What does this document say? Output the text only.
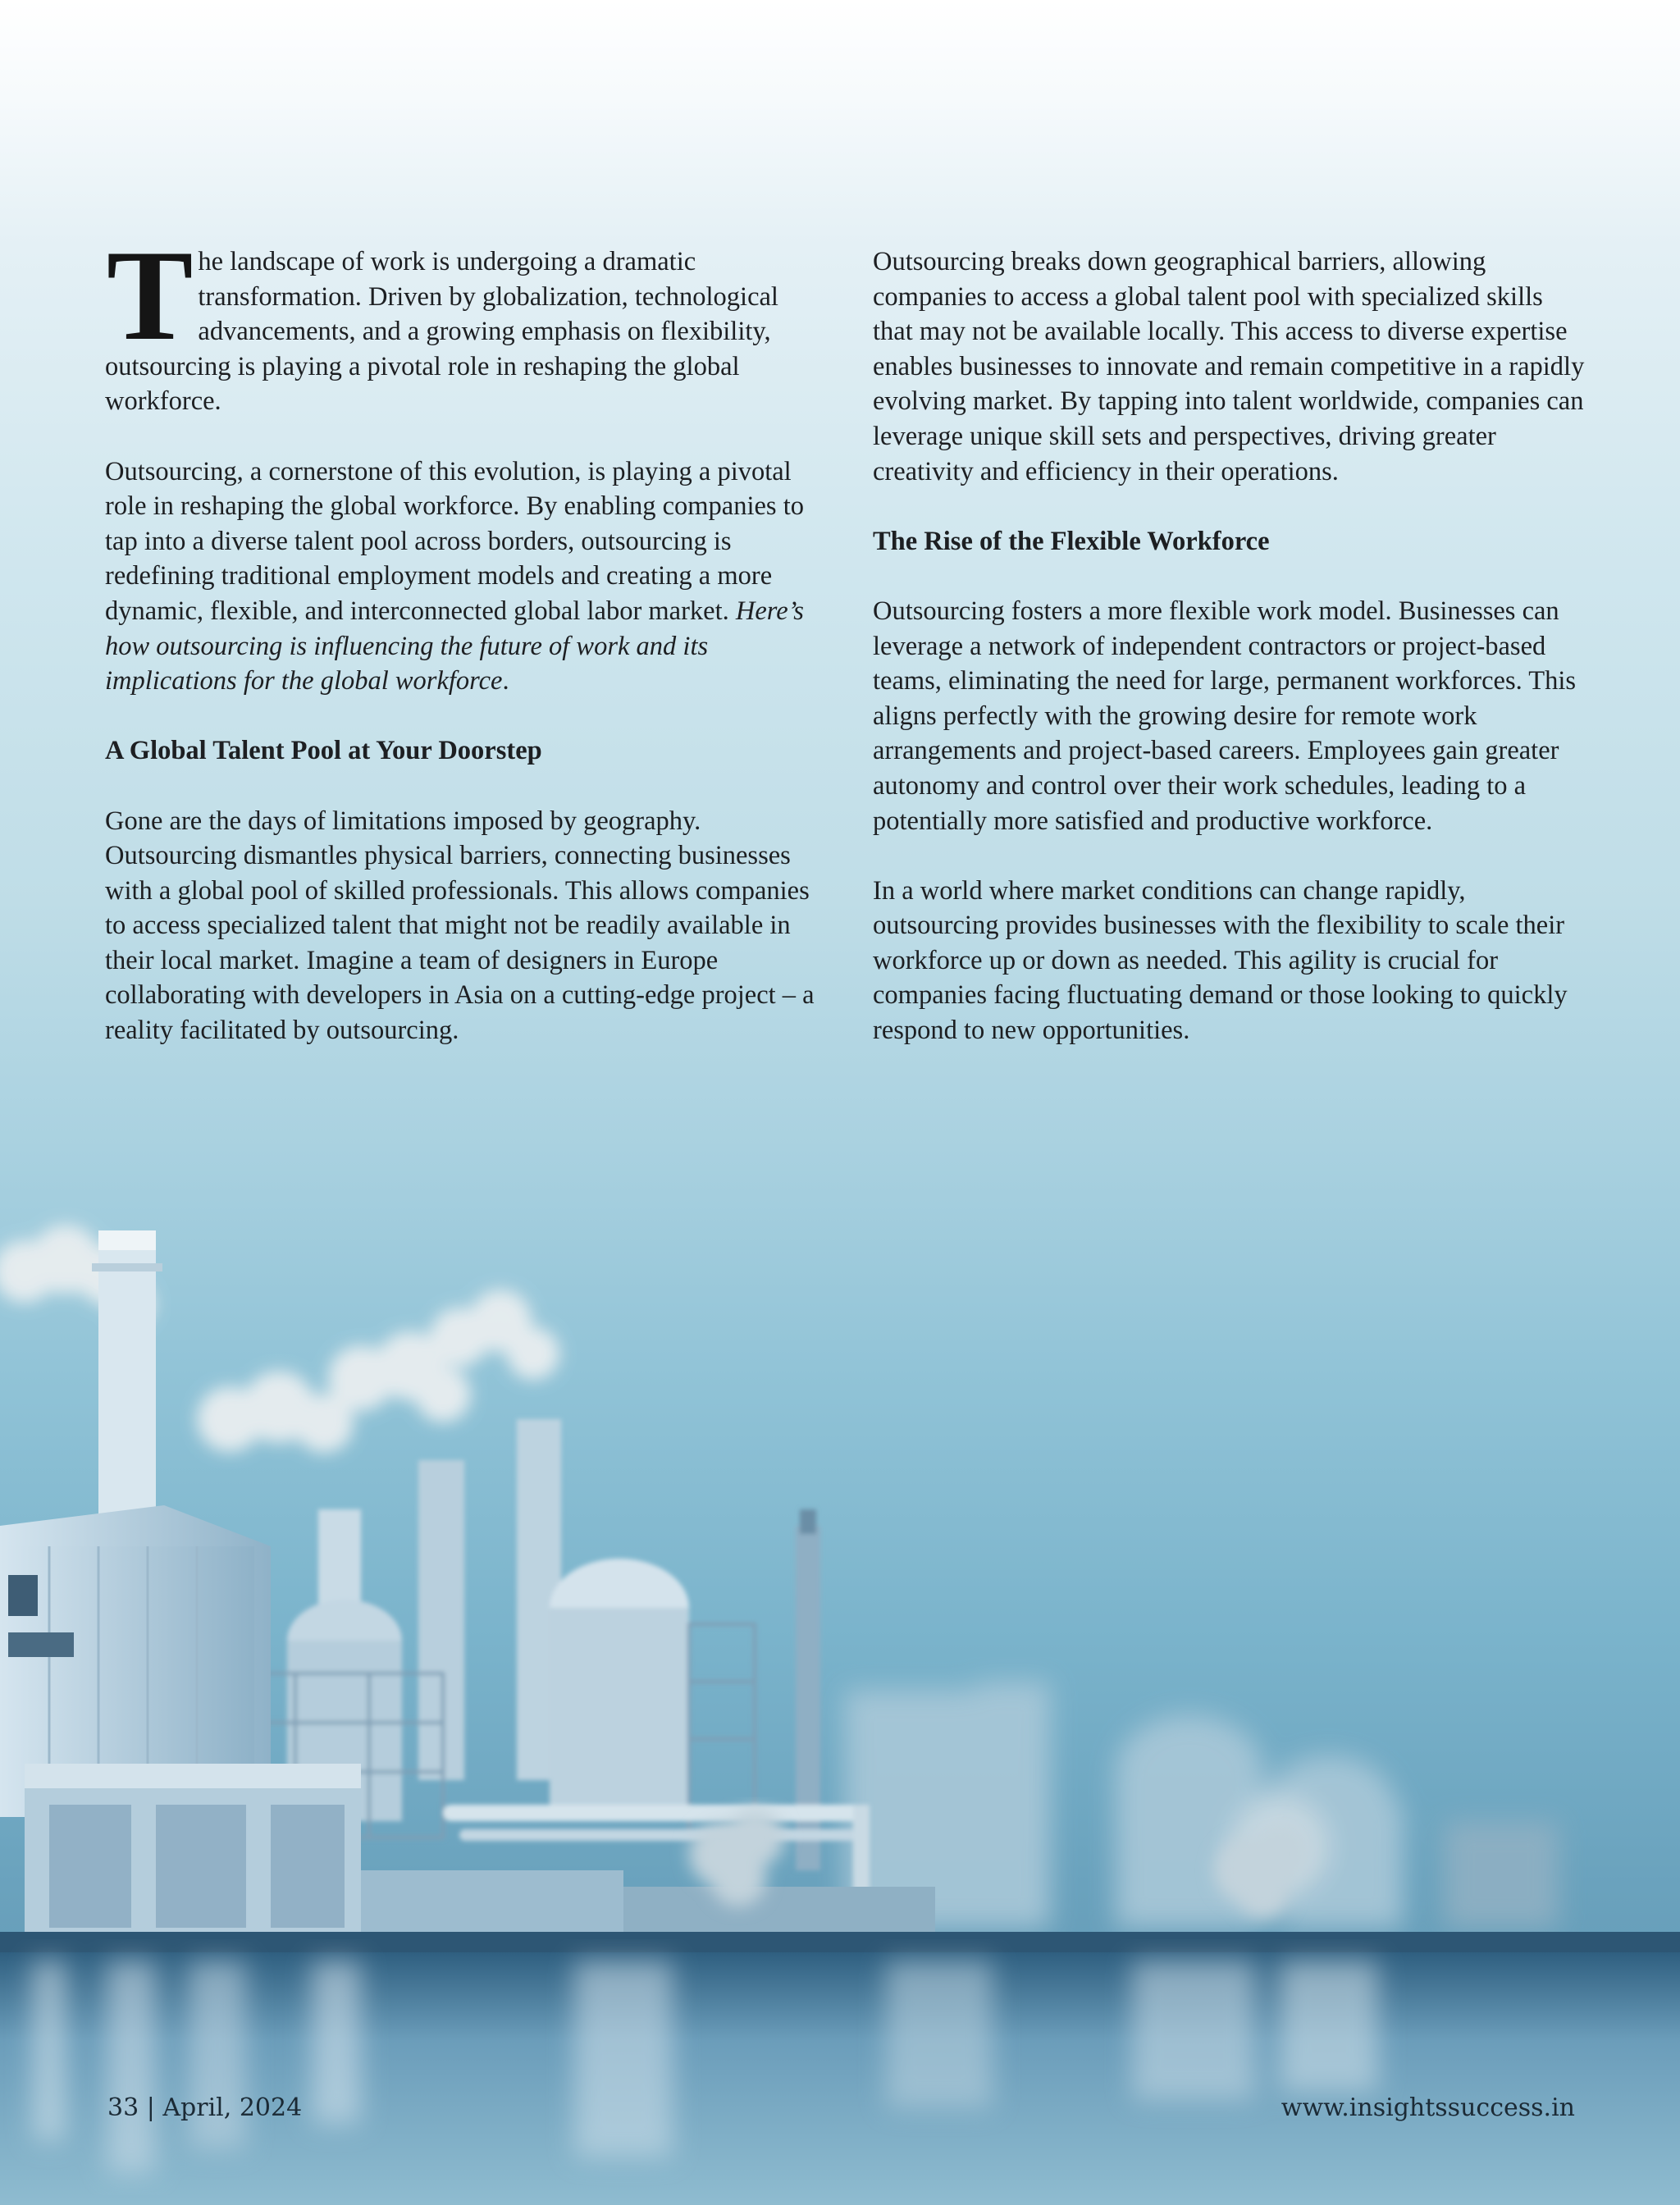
The landscape of work is undergoing a dramatic transformation. Driven by globalization, technological advancements, and a growing emphasis on flexibility, outsourcing is playing a pivotal role in reshaping the global workforce.

Outsourcing, a cornerstone of this evolution, is playing a pivotal role in reshaping the global workforce. By enabling companies to tap into a diverse talent pool across borders, outsourcing is redefining traditional employment models and creating a more dynamic, flexible, and interconnected global labor market. Here’s how outsourcing is influencing the future of work and its implications for the global workforce.

A Global Talent Pool at Your Doorstep

Gone are the days of limitations imposed by geography. Outsourcing dismantles physical barriers, connecting businesses with a global pool of skilled professionals. This allows companies to access specialized talent that might not be readily available in their local market. Imagine a team of designers in Europe collaborating with developers in Asia on a cutting-edge project – a reality facilitated by outsourcing.

Outsourcing breaks down geographical barriers, allowing companies to access a global talent pool with specialized skills that may not be available locally. This access to diverse expertise enables businesses to innovate and remain competitive in a rapidly evolving market. By tapping into talent worldwide, companies can leverage unique skill sets and perspectives, driving greater creativity and efficiency in their operations.

The Rise of the Flexible Workforce

Outsourcing fosters a more flexible work model. Businesses can leverage a network of independent contractors or project-based teams, eliminating the need for large, permanent workforces. This aligns perfectly with the growing desire for remote work arrangements and project-based careers. Employees gain greater autonomy and control over their work schedules, leading to a potentially more satisfied and productive workforce.

In a world where market conditions can change rapidly, outsourcing provides businesses with the flexibility to scale their workforce up or down as needed. This agility is crucial for companies facing fluctuating demand or those looking to quickly respond to new opportunities.

33 | April, 2024	www.insightssuccess.in
